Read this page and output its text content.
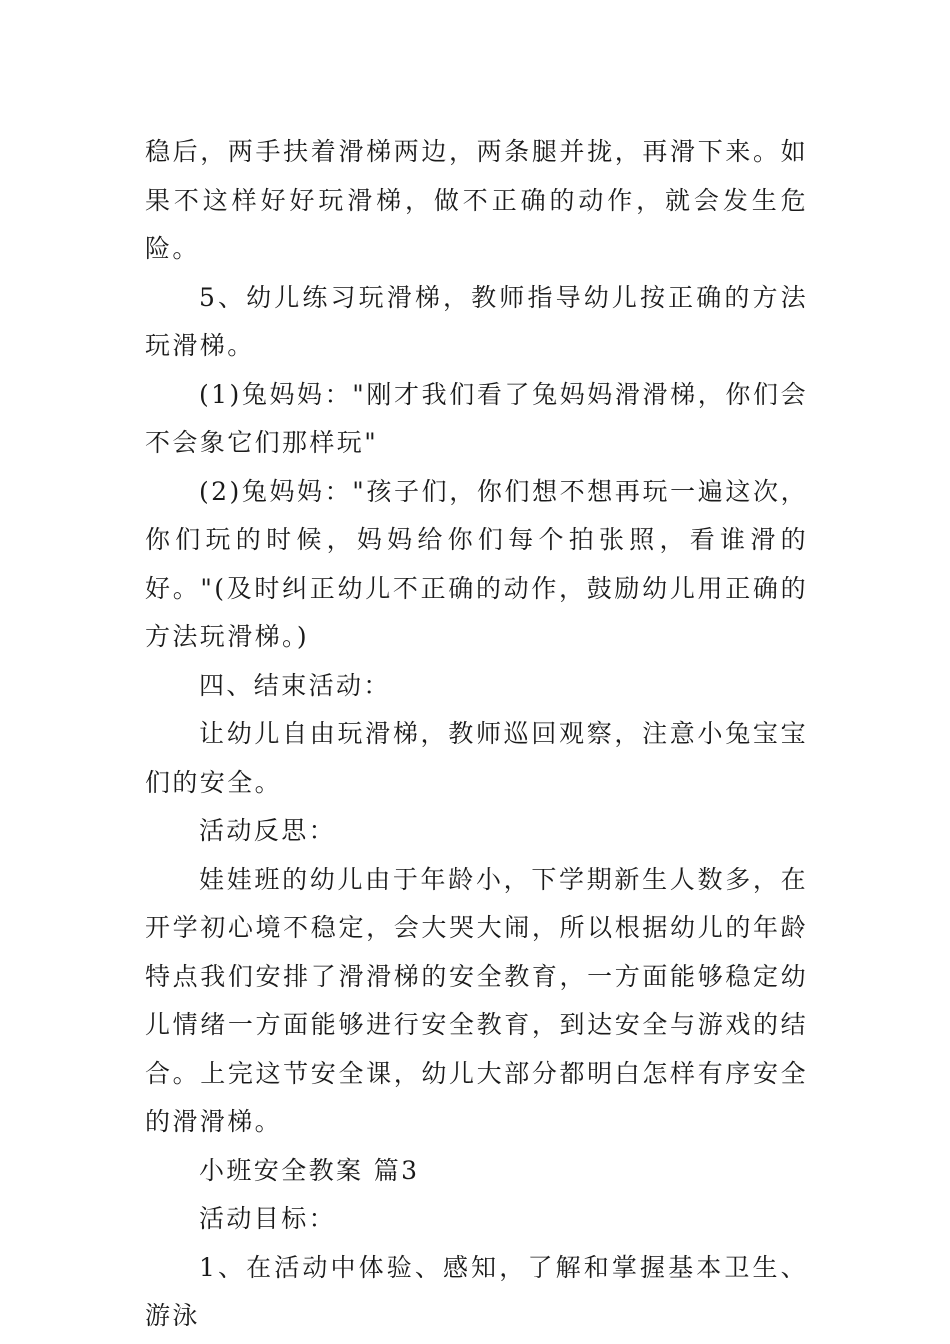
稳后，两手扶着滑梯两边，两条腿并拢，再滑下来。如果不这样好好玩滑梯，做不正确的动作，就会发生危险。

5、幼儿练习玩滑梯，教师指导幼儿按正确的方法玩滑梯。

(1)兔妈妈："刚才我们看了兔妈妈滑滑梯，你们会不会象它们那样玩"

(2)兔妈妈："孩子们，你们想不想再玩一遍这次，你们玩的时候，妈妈给你们每个拍张照，看谁滑的好。"(及时纠正幼儿不正确的动作，鼓励幼儿用正确的方法玩滑梯。)

四、结束活动：

让幼儿自由玩滑梯，教师巡回观察，注意小兔宝宝们的安全。

活动反思：

娃娃班的幼儿由于年龄小，下学期新生人数多，在开学初心境不稳定，会大哭大闹，所以根据幼儿的年龄特点我们安排了滑滑梯的安全教育，一方面能够稳定幼儿情绪一方面能够进行安全教育，到达安全与游戏的结合。上完这节安全课，幼儿大部分都明白怎样有序安全的滑滑梯。

小班安全教案 篇3

活动目标：

1、在活动中体验、感知，了解和掌握基本卫生、游泳
